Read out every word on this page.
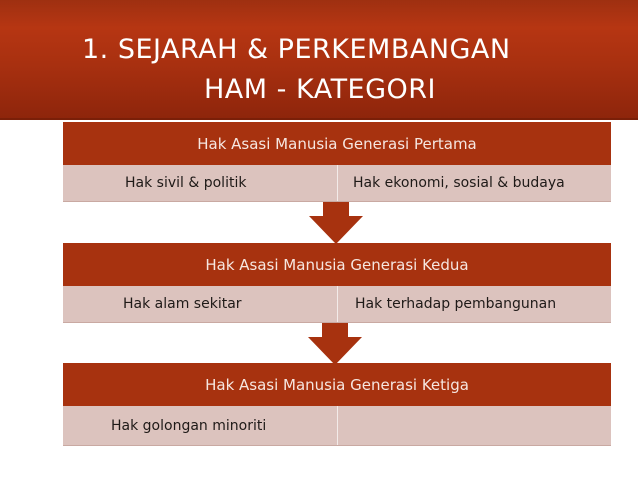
1. SEJARAH & PERKEMBANGAN
HAM - KATEGORI
Hak Asasi Manusia Generasi Pertama
Hak sivil & politik	Hak ekonomi, sosial & budaya
Hak Asasi Manusia Generasi Kedua
Hak alam sekitar	Hak terhadap pembangunan
Hak Asasi Manusia Generasi Ketiga
Hak golongan minoriti
